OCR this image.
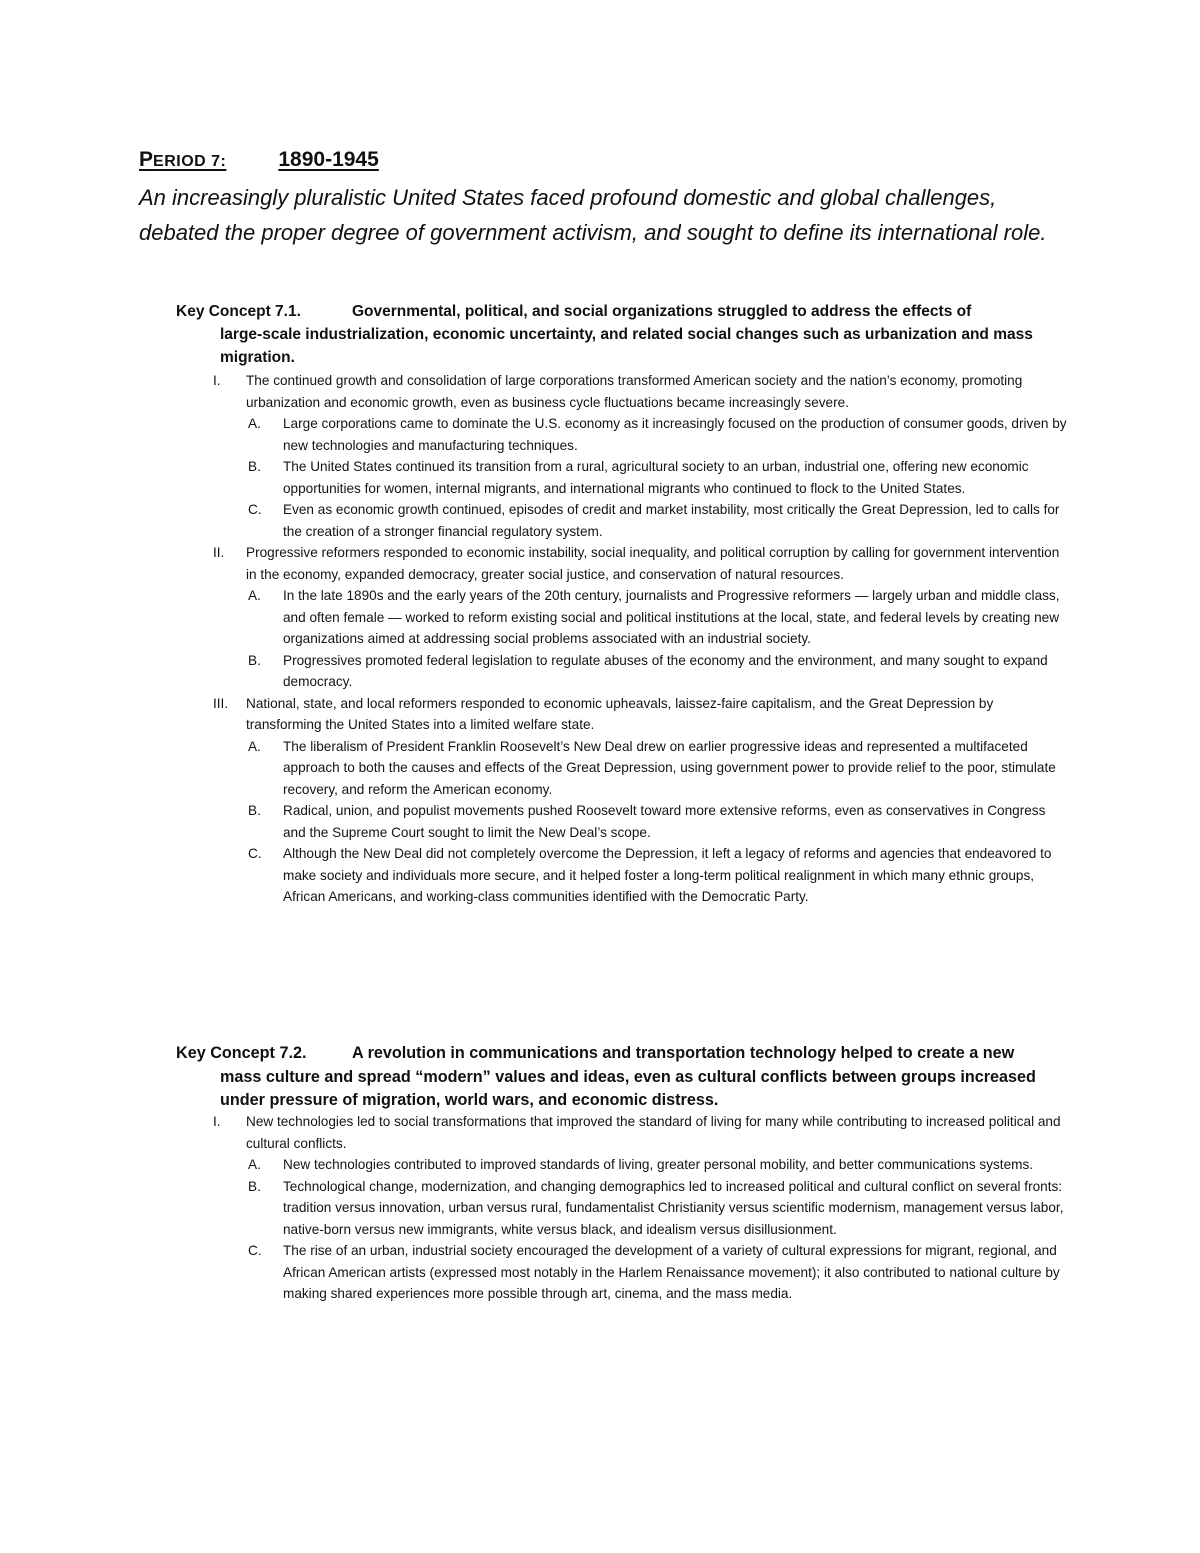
PERIOD 7: 1890-1945

An increasingly pluralistic United States faced profound domestic and global challenges, debated the proper degree of government activism, and sought to define its international role.

Key Concept 7.1.	Governmental, political, and social organizations struggled to address the effects of
large-scale industrialization, economic uncertainty, and related social changes such as urbanization and mass migration.
I. The continued growth and consolidation of large corporations transformed American society and the nation’s economy, promoting urbanization and economic growth, even as business cycle fluctuations became increasingly severe.
A. Large corporations came to dominate the U.S. economy as it increasingly focused on the production of consumer goods, driven by new technologies and manufacturing techniques.
B. The United States continued its transition from a rural, agricultural society to an urban, industrial one, offering new economic opportunities for women, internal migrants, and international migrants who continued to flock to the United States.
C. Even as economic growth continued, episodes of credit and market instability, most critically the Great Depression, led to calls for the creation of a stronger financial regulatory system.
II. Progressive reformers responded to economic instability, social inequality, and political corruption by calling for government intervention in the economy, expanded democracy, greater social justice, and conservation of natural resources.
A. In the late 1890s and the early years of the 20th century, journalists and Progressive reformers — largely urban and middle class, and often female — worked to reform existing social and political institutions at the local, state, and federal levels by creating new organizations aimed at addressing social problems associated with an industrial society.
B. Progressives promoted federal legislation to regulate abuses of the economy and the environment, and many sought to expand democracy.
III. National, state, and local reformers responded to economic upheavals, laissez-faire capitalism, and the Great Depression by transforming the United States into a limited welfare state.
A. The liberalism of President Franklin Roosevelt’s New Deal drew on earlier progressive ideas and represented a multifaceted approach to both the causes and effects of the Great Depression, using government power to provide relief to the poor, stimulate recovery, and reform the American economy.
B. Radical, union, and populist movements pushed Roosevelt toward more extensive reforms, even as conservatives in Congress and the Supreme Court sought to limit the New Deal’s scope.
C. Although the New Deal did not completely overcome the Depression, it left a legacy of reforms and agencies that endeavored to make society and individuals more secure, and it helped foster a long-term political realignment in which many ethnic groups, African Americans, and working-class communities identified with the Democratic Party.
Key Concept 7.2.	A revolution in communications and transportation technology helped to create a new
mass culture and spread “modern” values and ideas, even as cultural conflicts between groups increased under pressure of migration, world wars, and economic distress.
I. New technologies led to social transformations that improved the standard of living for many while contributing to increased political and cultural conflicts.
A. New technologies contributed to improved standards of living, greater personal mobility, and better communications systems.
B. Technological change, modernization, and changing demographics led to increased political and cultural conflict on several fronts: tradition versus innovation, urban versus rural, fundamentalist Christianity versus scientific modernism, management versus labor, native-born versus new immigrants, white versus black, and idealism versus disillusionment.
C. The rise of an urban, industrial society encouraged the development of a variety of cultural expressions for migrant, regional, and African American artists (expressed most notably in the Harlem Renaissance movement); it also contributed to national culture by making shared experiences more possible through art, cinema, and the mass media.
